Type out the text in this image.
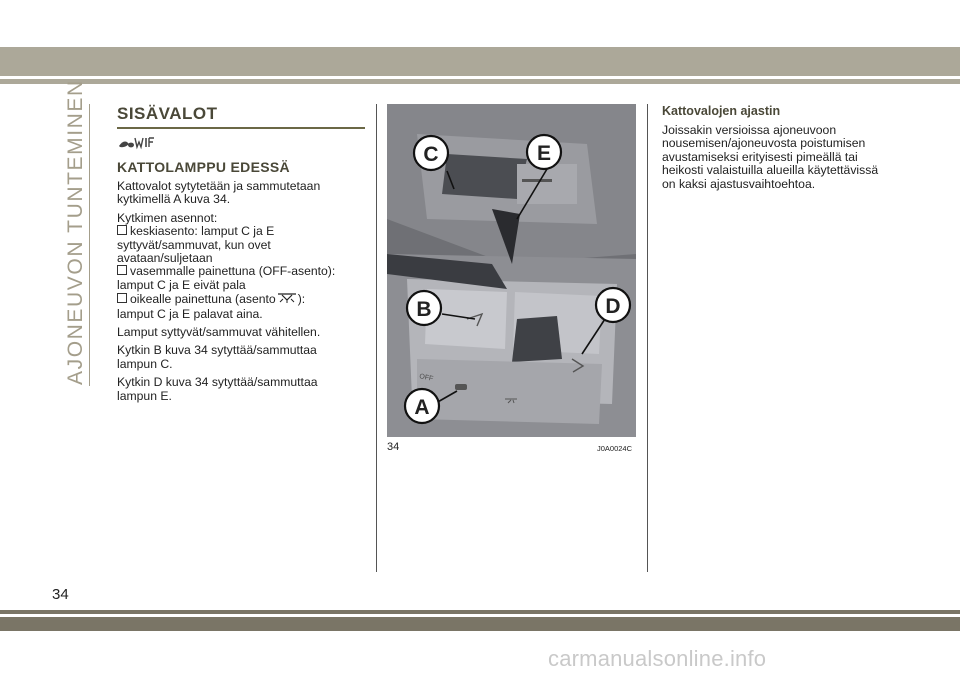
AJONEUVON TUNTEMINEN SISÄVALOT
KATTOLAMPPU EDESSÄ
Kattovalot sytytetään ja sammutetaan kytkimellä A kuva 34.
Kytkimen asennot:
keskiasento: lamput C ja E
syttyvät/sammuvat, kun ovet
avataan/suljetaan
vasemmalle painettuna (OFF-asento):
lamput C ja E eivät pala
oikealle painettuna (asento ):
lamput C ja E palavat aina.
Lamput syttyvät/sammuvat vähitellen.
Kytkin B kuva 34 sytyttää/sammuttaa
lampun C.
Kytkin D kuva 34 sytyttää/sammuttaa
lampun E.
OFF
C	E
B	D
A
34	J0A0024C
Kattovalojen ajastin
Joissakin versioissa ajoneuvoon
nousemisen/ajoneuvosta poistumisen
avustamiseksi erityisesti pimeällä tai
heikosti valaistuilla alueilla käytettävissä
on kaksi ajastusvaihtoehtoa.
34
carmanualsonline.info
